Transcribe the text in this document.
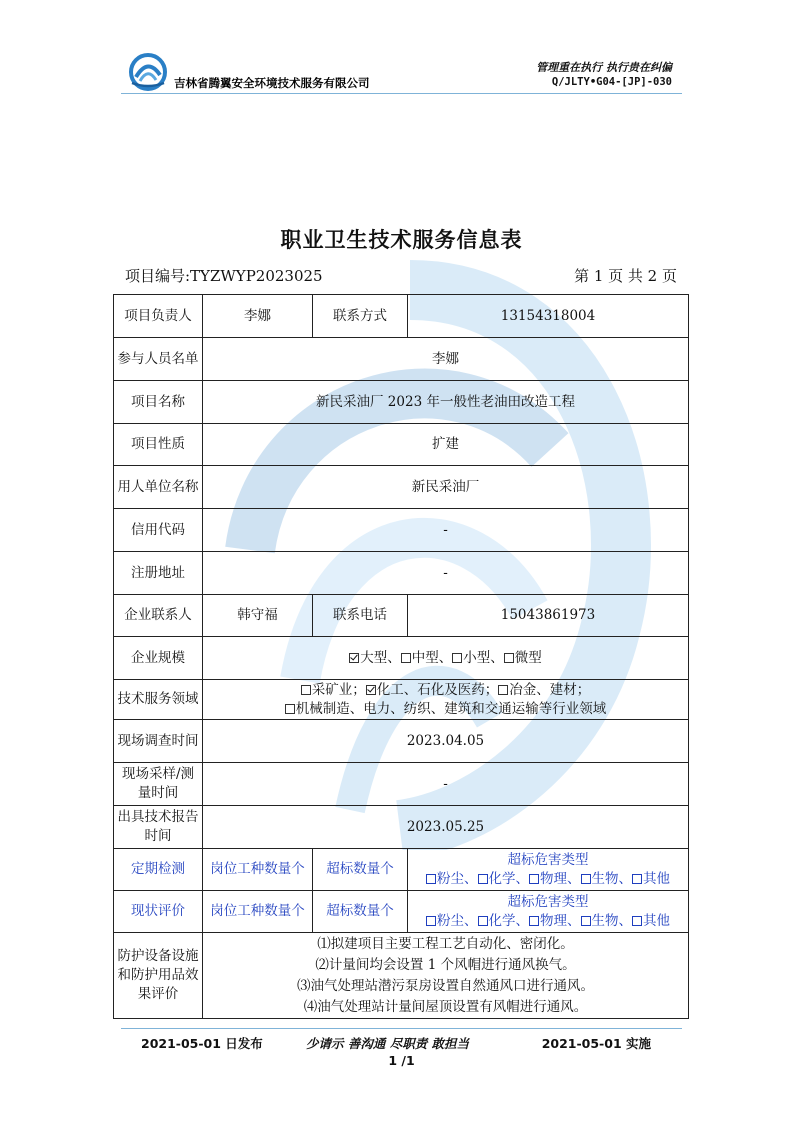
吉林省腾翼安全环境技术服务有限公司
管理重在执行 执行贵在纠偏
Q/JLTY•G04-[JP]-030
职业卫生技术服务信息表
项目编号:TYZWYP2023025	第 1 页 共 2 页
项目负责人	李娜	联系方式	13154318004
参与人员名单	李娜		
项目名称	新民采油厂 2023 年一般性老油田改造工程		
项目性质	扩建		
用人单位名称	新民采油厂		
信用代码	-		
注册地址	-		
企业联系人	韩守福	联系电话	15043861973
企业规模	大型、 中型、 小型、 微型		
技术服务领域	采矿业； 化工、石化及医药； 冶金、建材；
机械制造、电力、纺织、建筑和交通运输等行业领域		

现场调查时间	2023.04.05		
现场采样/测量时间	-		
出具技术报告时间	2023.05.25		
定期检测	岗位工种数量个	超标数量个	超标危害类型
粉尘、 化学、 物理、 生物、 其他

现状评价	岗位工种数量个	超标数量个	超标危害类型
粉尘、 化学、 物理、 生物、 其他

防护设备设施和防护用品效果评价	⑴拟建项目主要工程工艺自动化、密闭化。
⑵计量间均会设置 1 个风帽进行通风换气。
⑶油气处理站潜污泵房设置自然通风口进行通风。
⑷油气处理站计量间屋顶设置有风帽进行通风。		
2021-05-01 日发布	少请示 善沟通 尽职责 敢担当	2021-05-01 实施
1 /1
